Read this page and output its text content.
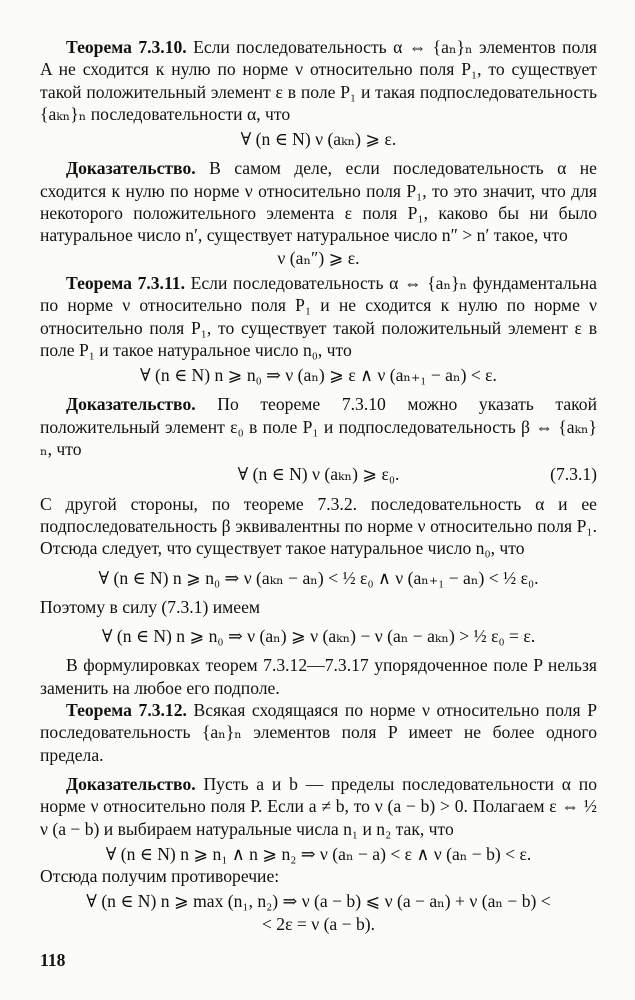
Теорема 7.3.10. Если последовательность α ⇔ {aₙ}ₙ элементов поля A не сходится к нулю по норме ν относительно поля P₁, то существует такой положительный элемент ε в поле P₁ и такая подпоследовательность {aₖₙ}ₙ последовательности α, что

∀ (n ∈ N) ν (aₖₙ) ⩾ ε.

Доказательство. В самом деле, если последовательность α не сходится к нулю по норме ν относительно поля P₁, то это значит, что для некоторого положительного элемента ε поля P₁, каково бы ни было натуральное число n′, существует натуральное число n″ > n′ такое, что

ν (aₙ″) ⩾ ε.

Теорема 7.3.11. Если последовательность α ⇔ {aₙ}ₙ фундаментальна по норме ν относительно поля P₁ и не сходится к нулю по норме ν относительно поля P₁, то существует такой положительный элемент ε в поле P₁ и такое натуральное число n₀, что

∀ (n ∈ N) n ⩾ n₀ ⇒ ν (aₙ) ⩾ ε ∧ ν (aₙ₊₁ − aₙ) < ε.

Доказательство. По теореме 7.3.10 можно указать такой положительный элемент ε₀ в поле P₁ и подпоследовательность β ⇔ {aₖₙ}ₙ, что

∀ (n ∈ N) ν (aₖₙ) ⩾ ε₀.	(7.3.1)

С другой стороны, по теореме 7.3.2. последовательность α и ее подпоследовательность β эквивалентны по норме ν относительно поля P₁. Отсюда следует, что существует такое натуральное число n₀, что

∀ (n ∈ N) n ⩾ n₀ ⇒ ν (aₖₙ − aₙ) < ½ ε₀ ∧ ν (aₙ₊₁ − aₙ) < ½ ε₀.

Поэтому в силу (7.3.1) имеем

∀ (n ∈ N) n ⩾ n₀ ⇒ ν (aₙ) ⩾ ν (aₖₙ) − ν (aₙ − aₖₙ) > ½ ε₀ = ε.

В формулировках теорем 7.3.12—7.3.17 упорядоченное поле P нельзя заменить на любое его подполе.

Теорема 7.3.12. Всякая сходящаяся по норме ν относительно поля P последовательность {aₙ}ₙ элементов поля P имеет не более одного предела.

Доказательство. Пусть a и b — пределы последовательности α по норме ν относительно поля P. Если a ≠ b, то ν (a − b) > 0. Полагаем ε ⇔ ½ ν (a − b) и выбираем натуральные числа n₁ и n₂ так, что

∀ (n ∈ N) n ⩾ n₁ ∧ n ⩾ n₂ ⇒ ν (aₙ − a) < ε ∧ ν (aₙ − b) < ε.

Отсюда получим противоречие:

∀ (n ∈ N) n ⩾ max (n₁, n₂) ⇒ ν (a − b) ⩽ ν (a − aₙ) + ν (aₙ − b) <

< 2ε = ν (a − b).

118
